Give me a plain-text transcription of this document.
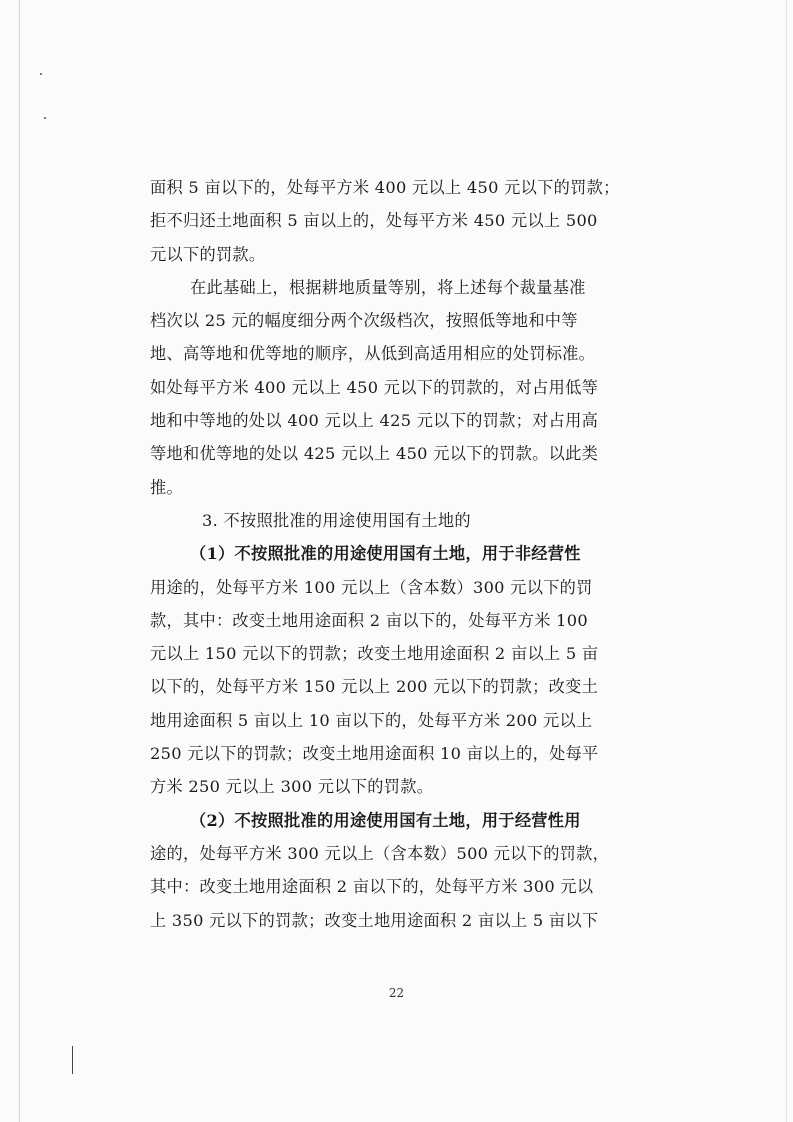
面积 5 亩以下的，处每平方米 400 元以上 450 元以下的罚款；
拒不归还土地面积 5 亩以上的，处每平方米 450 元以上 500
元以下的罚款。
在此基础上，根据耕地质量等别，将上述每个裁量基准
档次以 25 元的幅度细分两个次级档次，按照低等地和中等
地、高等地和优等地的顺序，从低到高适用相应的处罚标准。
如处每平方米 400 元以上 450 元以下的罚款的，对占用低等
地和中等地的处以 400 元以上 425 元以下的罚款；对占用高
等地和优等地的处以 425 元以上 450 元以下的罚款。以此类
推。
3. 不按照批准的用途使用国有土地的
（1）不按照批准的用途使用国有土地，用于非经营性
用途的，处每平方米 100 元以上（含本数）300 元以下的罚
款，其中：改变土地用途面积 2 亩以下的，处每平方米 100
元以上 150 元以下的罚款；改变土地用途面积 2 亩以上 5 亩
以下的，处每平方米 150 元以上 200 元以下的罚款；改变土
地用途面积 5 亩以上 10 亩以下的，处每平方米 200 元以上
250 元以下的罚款；改变土地用途面积 10 亩以上的，处每平
方米 250 元以上 300 元以下的罚款。
（2）不按照批准的用途使用国有土地，用于经营性用
途的，处每平方米 300 元以上（含本数）500 元以下的罚款，
其中：改变土地用途面积 2 亩以下的，处每平方米 300 元以
上 350 元以下的罚款；改变土地用途面积 2 亩以上 5 亩以下
22
